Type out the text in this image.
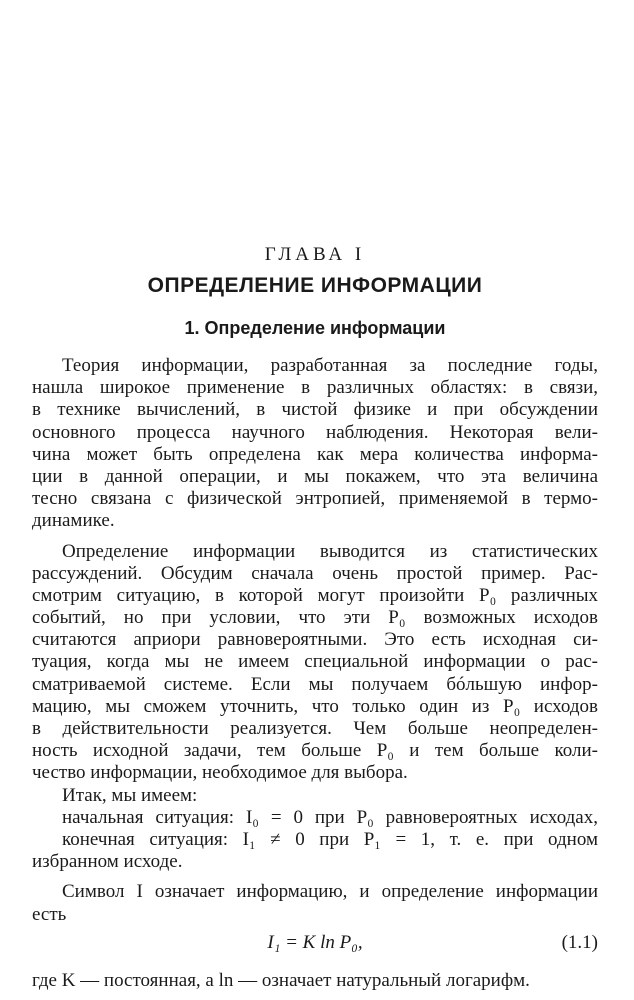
ГЛАВА I
ОПРЕДЕЛЕНИЕ ИНФОРМАЦИИ
1. Определение информации
Теория информации, разработанная за последние годы,
нашла широкое применение в различных областях: в связи,
в технике вычислений, в чистой физике и при обсуждении
основного процесса научного наблюдения. Некоторая вели-
чина может быть определена как мера количества информа-
ции в данной операции, и мы покажем, что эта величина
тесно связана с физической энтропией, применяемой в термо-
динамике.
Определение информации выводится из статистических
рассуждений. Обсудим сначала очень простой пример. Рас-
смотрим ситуацию, в которой могут произойти P₀ различных
событий, но при условии, что эти P₀ возможных исходов
считаются априори равновероятными. Это есть исходная си-
туация, когда мы не имеем специальной информации о рас-
сматриваемой системе. Если мы получаем бóльшую инфор-
мацию, мы сможем уточнить, что только один из P₀ исходов
в действительности реализуется. Чем больше неопределен-
ность исходной задачи, тем больше P₀ и тем больше коли-
чество информации, необходимое для выбора.
Итак, мы имеем:
начальная ситуация: I₀ = 0 при P₀ равновероятных исходах,
конечная ситуация: I₁ ≠ 0 при P₁ = 1, т. е. при одном
избранном исходе.
Символ I означает информацию, и определение информации
есть
I₁ = K ln P₀,	(1.1)
где K — постоянная, а ln — означает натуральный логарифм.
